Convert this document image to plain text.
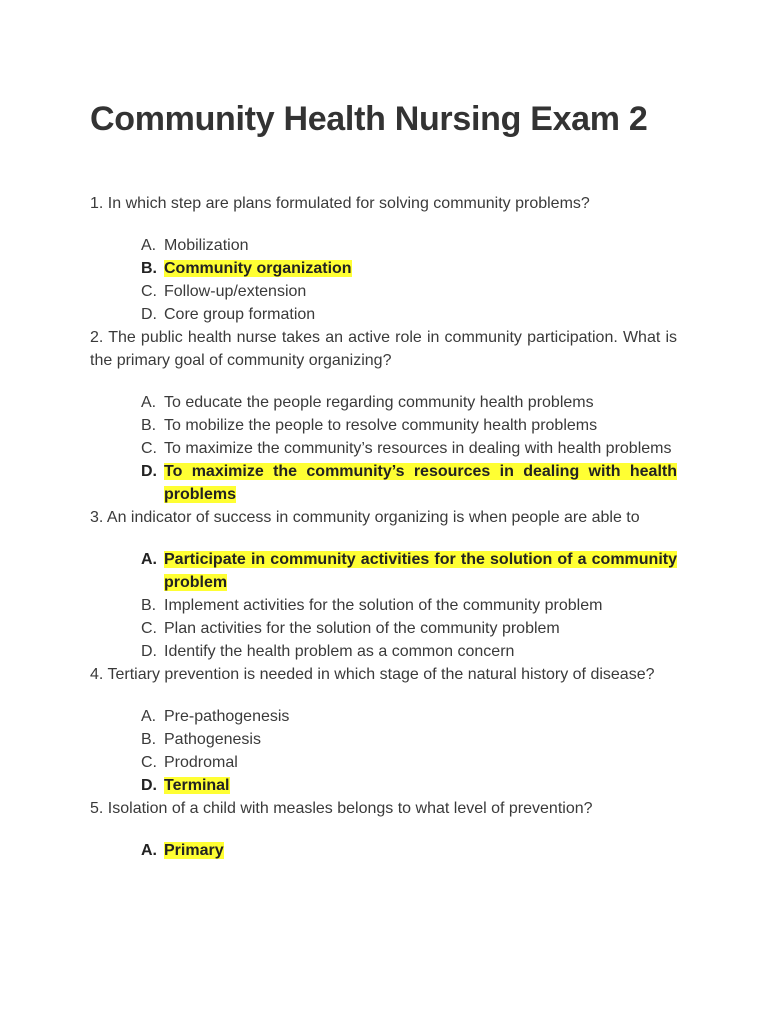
Community Health Nursing Exam 2

1. In which step are plans formulated for solving community problems?

A. Mobilization
B. Community organization
C. Follow-up/extension
D. Core group formation

2. The public health nurse takes an active role in community participation. What is the primary goal of community organizing?

A. To educate the people regarding community health problems
B. To mobilize the people to resolve community health problems
C. To maximize the community’s resources in dealing with health problems
D. To maximize the community’s resources in dealing with health problems

3. An indicator of success in community organizing is when people are able to

A. Participate in community activities for the solution of a community problem
B. Implement activities for the solution of the community problem
C. Plan activities for the solution of the community problem
D. Identify the health problem as a common concern

4. Tertiary prevention is needed in which stage of the natural history of disease?

A. Pre-pathogenesis
B. Pathogenesis
C. Prodromal
D. Terminal

5. Isolation of a child with measles belongs to what level of prevention?

A. Primary
